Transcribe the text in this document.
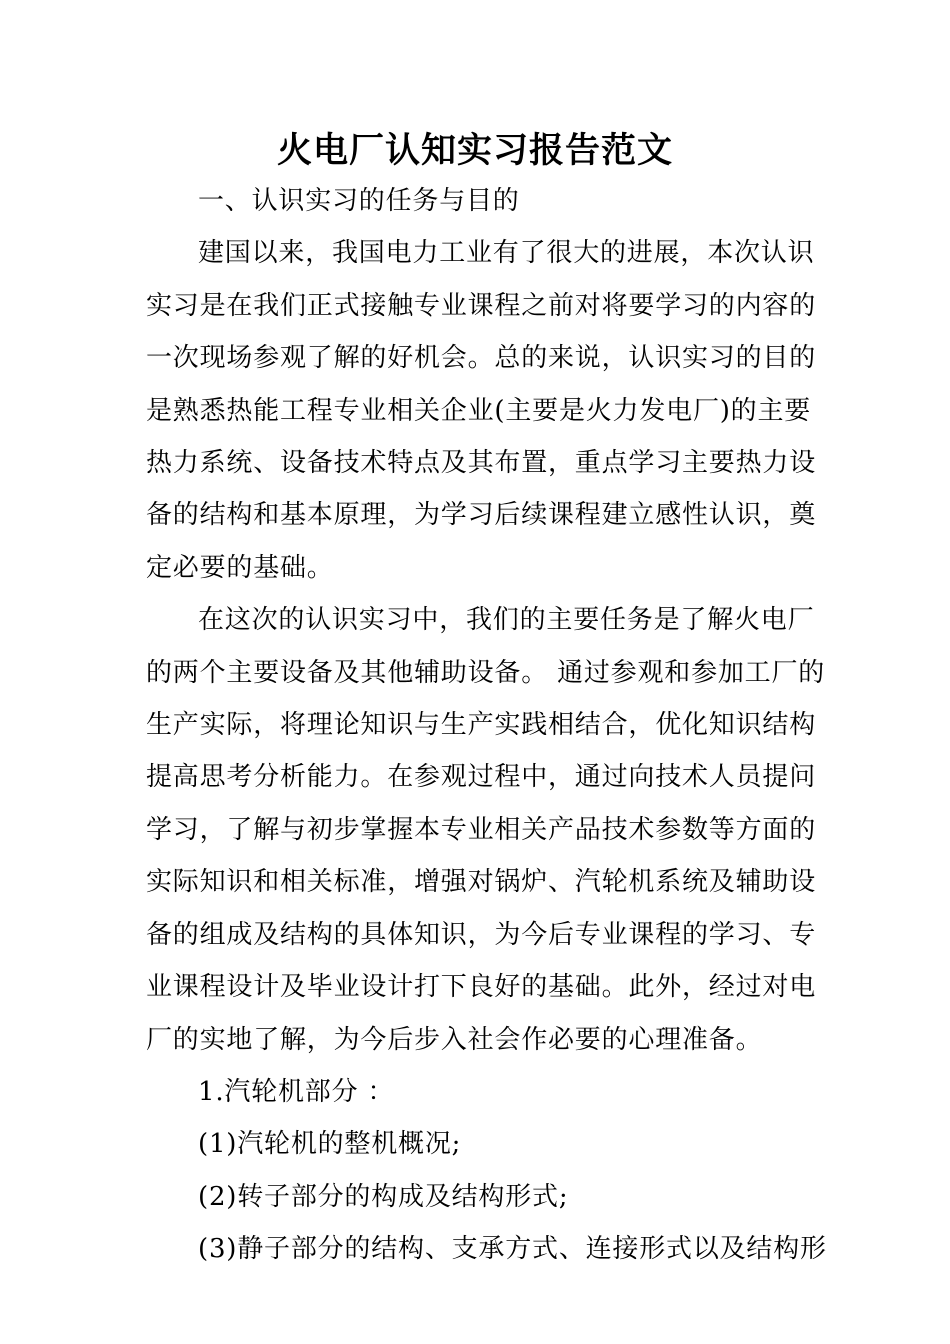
火电厂认知实习报告范文

一、认识实习的任务与目的

建国以来，我国电力工业有了很大的进展，本次认识
实习是在我们正式接触专业课程之前对将要学习的内容的
一次现场参观了解的好机会。总的来说，认识实习的目的
是熟悉热能工程专业相关企业(主要是火力发电厂)的主要
热力系统、设备技术特点及其布置，重点学习主要热力设
备的结构和基本原理，为学习后续课程建立感性认识，奠
定必要的基础。

在这次的认识实习中，我们的主要任务是了解火电厂
的两个主要设备及其他辅助设备。 通过参观和参加工厂的
生产实际，将理论知识与生产实践相结合，优化知识结构
提高思考分析能力。在参观过程中，通过向技术人员提问
学习，了解与初步掌握本专业相关产品技术参数等方面的
实际知识和相关标准，增强对锅炉、汽轮机系统及辅助设
备的组成及结构的具体知识，为今后专业课程的学习、专
业课程设计及毕业设计打下良好的基础。此外，经过对电
厂的实地了解，为今后步入社会作必要的心理准备。

1.汽轮机部分 ：

(1)汽轮机的整机概况;

(2)转子部分的构成及结构形式;

(3)静子部分的结构、支承方式、连接形式以及结构形
